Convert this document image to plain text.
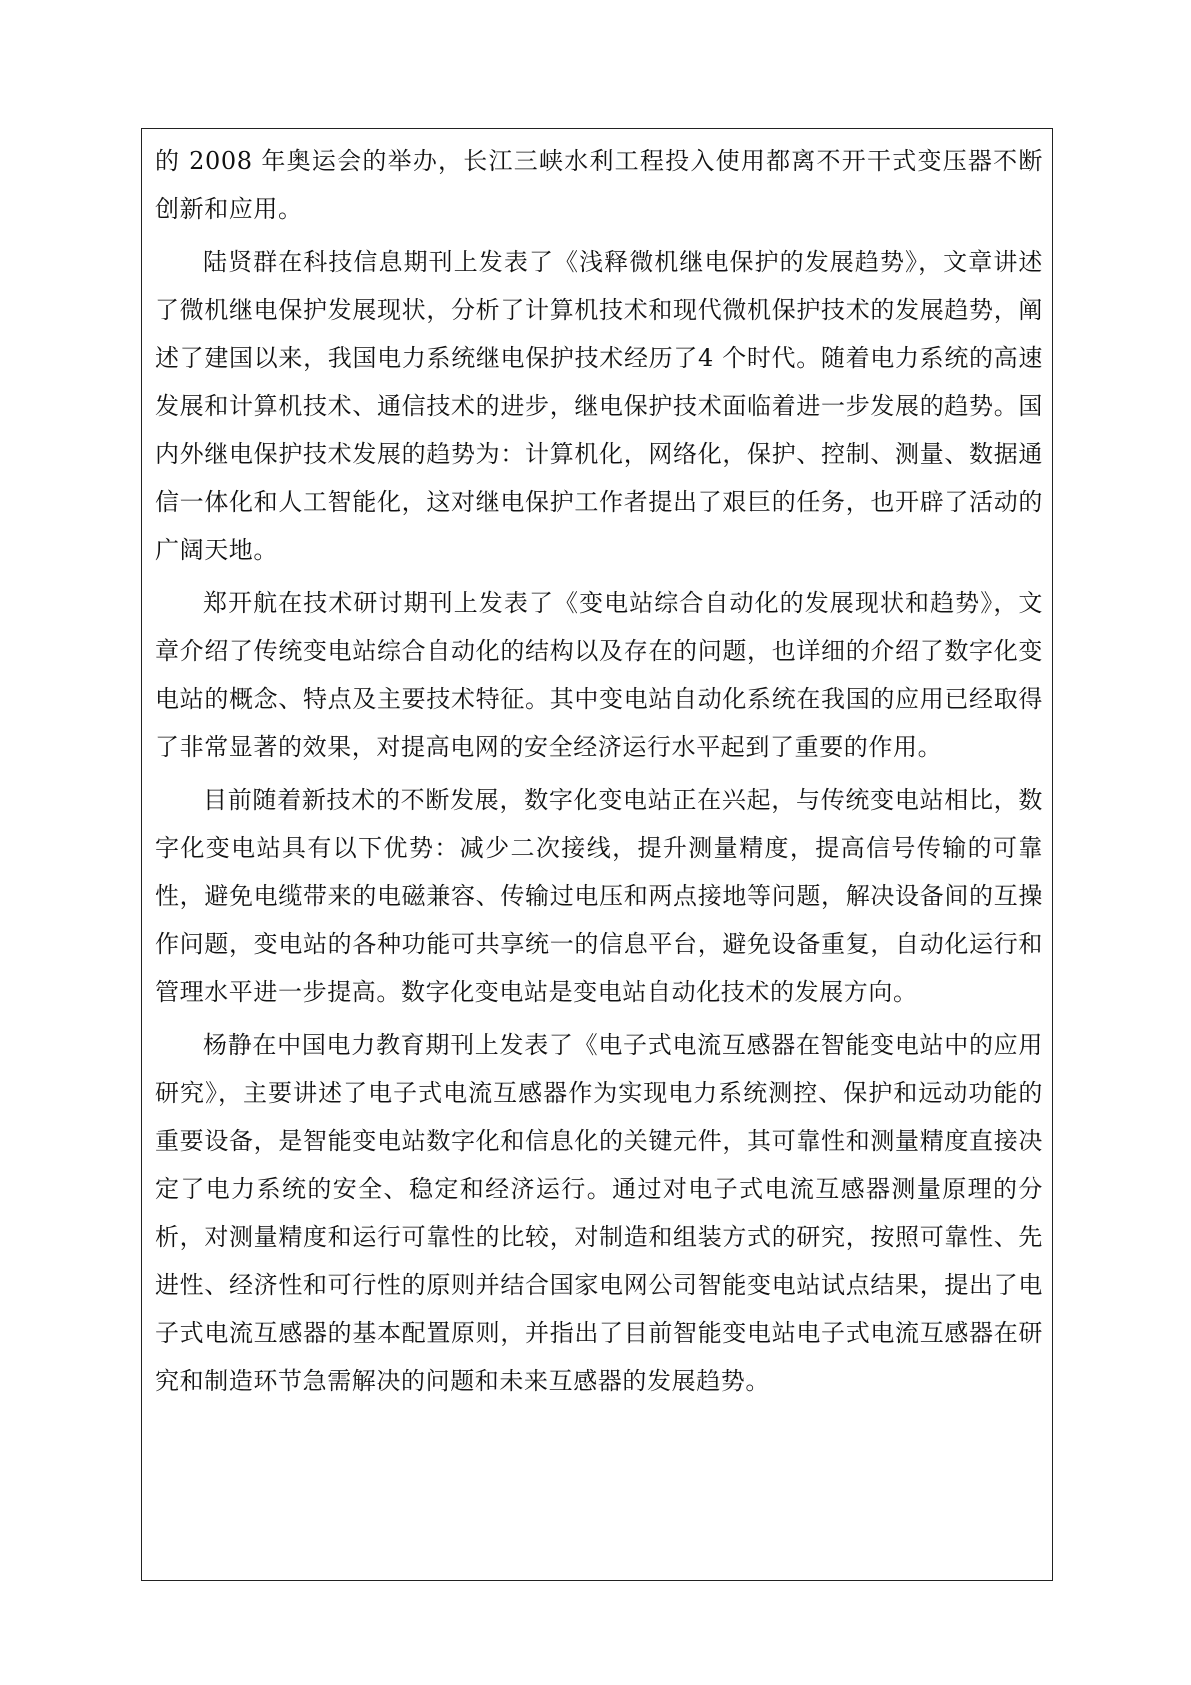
的 2008 年奥运会的举办，长江三峡水利工程投入使用都离不开干式变压器不断创新和应用。

陆贤群在科技信息期刊上发表了《浅释微机继电保护的发展趋势》，文章讲述了微机继电保护发展现状，分析了计算机技术和现代微机保护技术的发展趋势，阐述了建国以来，我国电力系统继电保护技术经历了4 个时代。随着电力系统的高速发展和计算机技术、通信技术的进步，继电保护技术面临着进一步发展的趋势。国内外继电保护技术发展的趋势为：计算机化，网络化，保护、控制、测量、数据通信一体化和人工智能化，这对继电保护工作者提出了艰巨的任务，也开辟了活动的广阔天地。

郑开航在技术研讨期刊上发表了《变电站综合自动化的发展现状和趋势》，文章介绍了传统变电站综合自动化的结构以及存在的问题，也详细的介绍了数字化变电站的概念、特点及主要技术特征。其中变电站自动化系统在我国的应用已经取得了非常显著的效果，对提高电网的安全经济运行水平起到了重要的作用。

目前随着新技术的不断发展，数字化变电站正在兴起，与传统变电站相比，数字化变电站具有以下优势：减少二次接线，提升测量精度，提高信号传输的可靠性，避免电缆带来的电磁兼容、传输过电压和两点接地等问题，解决设备间的互操作问题，变电站的各种功能可共享统一的信息平台，避免设备重复，自动化运行和管理水平进一步提高。数字化变电站是变电站自动化技术的发展方向。

杨静在中国电力教育期刊上发表了《电子式电流互感器在智能变电站中的应用研究》，主要讲述了电子式电流互感器作为实现电力系统测控、保护和远动功能的重要设备，是智能变电站数字化和信息化的关键元件，其可靠性和测量精度直接决定了电力系统的安全、稳定和经济运行。通过对电子式电流互感器测量原理的分析，对测量精度和运行可靠性的比较，对制造和组装方式的研究，按照可靠性、先进性、经济性和可行性的原则并结合国家电网公司智能变电站试点结果，提出了电子式电流互感器的基本配置原则，并指出了目前智能变电站电子式电流互感器在研究和制造环节急需解决的问题和未来互感器的发展趋势。
